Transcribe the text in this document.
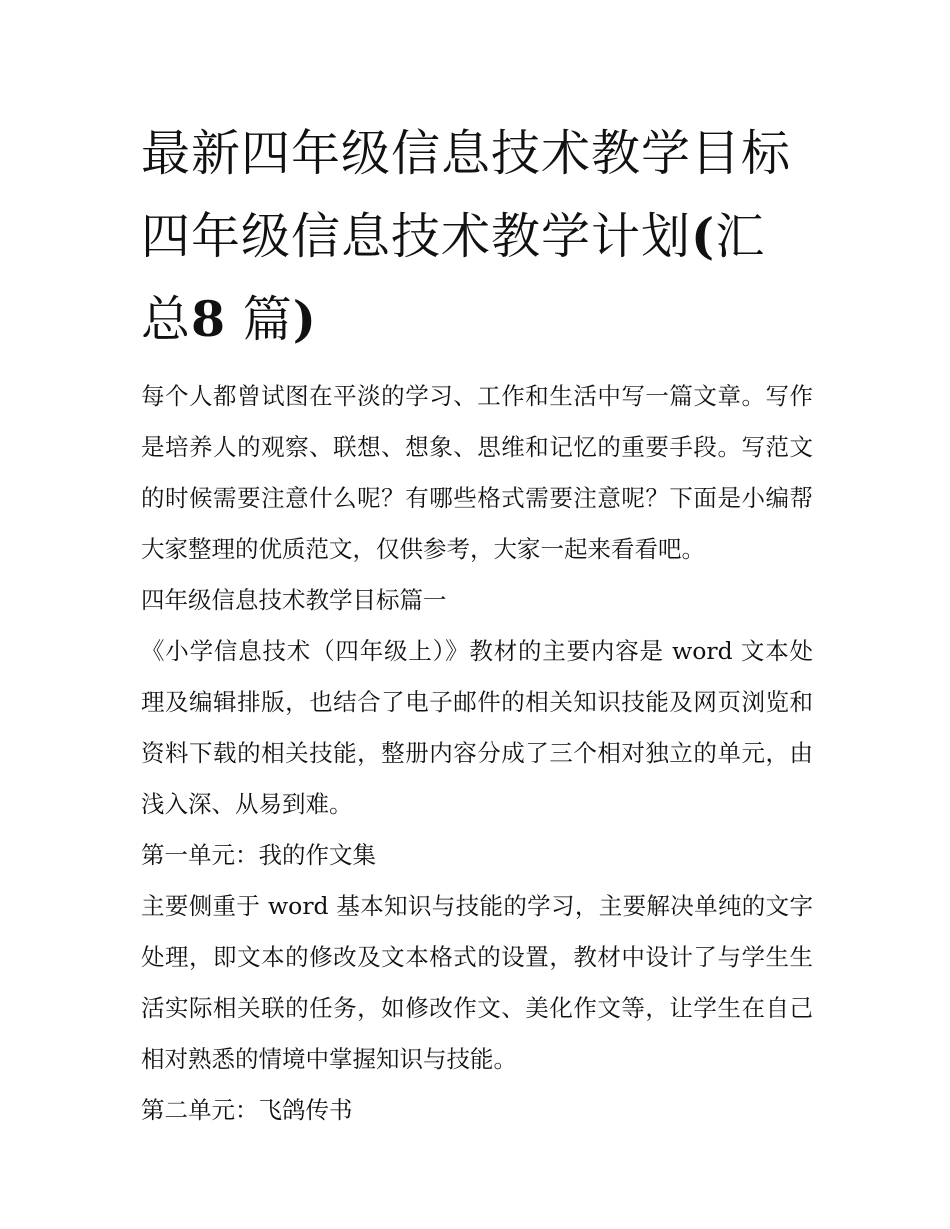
最新四年级信息技术教学目标四年级信息技术教学计划(汇总8 篇)

每个人都曾试图在平淡的学习、工作和生活中写一篇文章。写作是培养人的观察、联想、想象、思维和记忆的重要手段。写范文的时候需要注意什么呢？有哪些格式需要注意呢？下面是小编帮大家整理的优质范文，仅供参考，大家一起来看看吧。

四年级信息技术教学目标篇一

《小学信息技术（四年级上）》教材的主要内容是 word 文本处理及编辑排版，也结合了电子邮件的相关知识技能及网页浏览和资料下载的相关技能，整册内容分成了三个相对独立的单元，由浅入深、从易到难。

第一单元：我的作文集

主要侧重于 word 基本知识与技能的学习，主要解决单纯的文字处理，即文本的修改及文本格式的设置，教材中设计了与学生生活实际相关联的任务，如修改作文、美化作文等，让学生在自己相对熟悉的情境中掌握知识与技能。

第二单元：飞鸽传书
